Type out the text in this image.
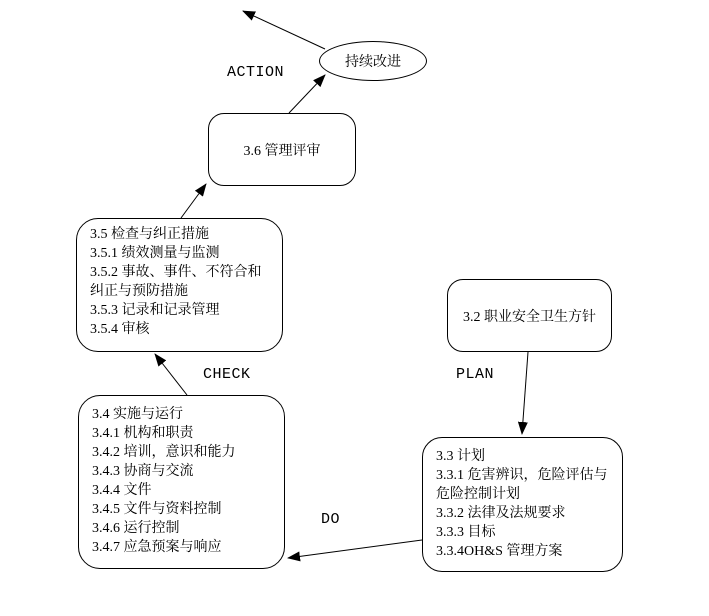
持续改进
3.6 管理评审
3.5 检查与纠正措施
3.5.1 绩效测量与监测
3.5.2 事故、事件、不符合和
纠正与预防措施
3.5.3 记录和记录管理
3.5.4 审核
3.4 实施与运行
3.4.1 机构和职责
3.4.2 培训，意识和能力
3.4.3 协商与交流
3.4.4 文件
3.4.5 文件与资料控制
3.4.6 运行控制
3.4.7 应急预案与响应
3.2 职业安全卫生方针
3.3 计划
3.3.1 危害辨识，危险评估与
危险控制计划
3.3.2 法律及法规要求
3.3.3 目标
3.3.4OH&S 管理方案
ACTION
CHECK	PLAN
DO
